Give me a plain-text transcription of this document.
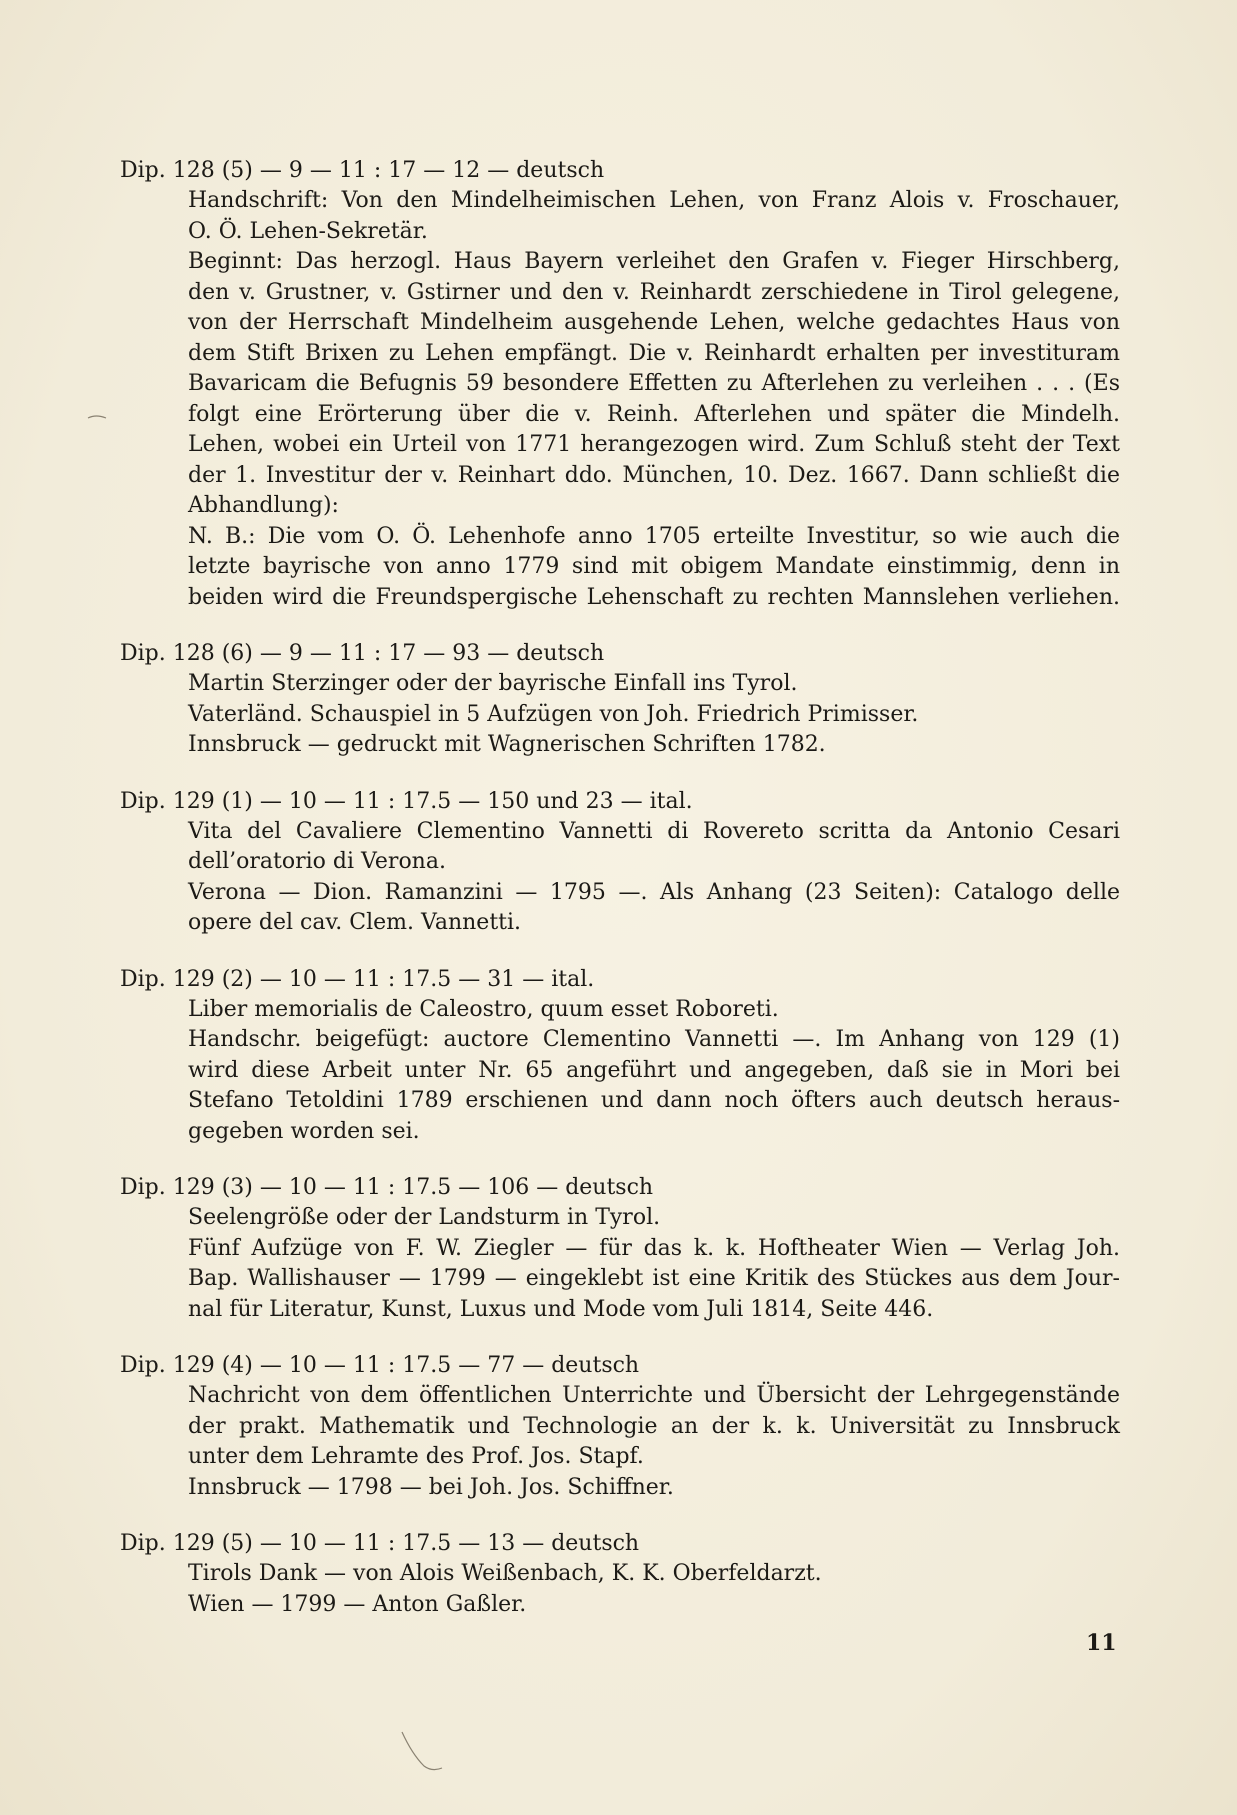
Dip. 128 (5) — 9 — 11 : 17 — 12 — deutsch
Handschrift: Von den Mindelheimischen Lehen, von Franz Alois v. Froschauer,
O. Ö. Lehen-Sekretär.
Beginnt: Das herzogl. Haus Bayern verleihet den Grafen v. Fieger Hirschberg,
den v. Grustner, v. Gstirner und den v. Reinhardt zerschiedene in Tirol gelegene,
von der Herrschaft Mindelheim ausgehende Lehen, welche gedachtes Haus von
dem Stift Brixen zu Lehen empfängt. Die v. Reinhardt erhalten per investituram
Bavaricam die Befugnis 59 besondere Effetten zu Afterlehen zu verleihen . . . (Es
folgt eine Erörterung über die v. Reinh. Afterlehen und später die Mindelh.
Lehen, wobei ein Urteil von 1771 herangezogen wird. Zum Schluß steht der Text
der 1. Investitur der v. Reinhart ddo. München, 10. Dez. 1667. Dann schließt die
Abhandlung):
N. B.: Die vom O. Ö. Lehenhofe anno 1705 erteilte Investitur, so wie auch die
letzte bayrische von anno 1779 sind mit obigem Mandate einstimmig, denn in
beiden wird die Freundspergische Lehenschaft zu rechten Mannslehen verliehen.
Dip. 128 (6) — 9 — 11 : 17 — 93 — deutsch
Martin Sterzinger oder der bayrische Einfall ins Tyrol.
Vaterländ. Schauspiel in 5 Aufzügen von Joh. Friedrich Primisser.
Innsbruck — gedruckt mit Wagnerischen Schriften 1782.
Dip. 129 (1) — 10 — 11 : 17.5 — 150 und 23 — ital.
Vita del Cavaliere Clementino Vannetti di Rovereto scritta da Antonio Cesari
dell’oratorio di Verona.
Verona — Dion. Ramanzini — 1795 —. Als Anhang (23 Seiten): Catalogo delle
opere del cav. Clem. Vannetti.
Dip. 129 (2) — 10 — 11 : 17.5 — 31 — ital.
Liber memorialis de Caleostro, quum esset Roboreti.
Handschr. beigefügt: auctore Clementino Vannetti —. Im Anhang von 129 (1)
wird diese Arbeit unter Nr. 65 angeführt und angegeben, daß sie in Mori bei
Stefano Tetoldini 1789 erschienen und dann noch öfters auch deutsch heraus-
gegeben worden sei.
Dip. 129 (3) — 10 — 11 : 17.5 — 106 — deutsch
Seelengröße oder der Landsturm in Tyrol.
Fünf Aufzüge von F. W. Ziegler — für das k. k. Hoftheater Wien — Verlag Joh.
Bap. Wallishauser — 1799 — eingeklebt ist eine Kritik des Stückes aus dem Jour-
nal für Literatur, Kunst, Luxus und Mode vom Juli 1814, Seite 446.
Dip. 129 (4) — 10 — 11 : 17.5 — 77 — deutsch
Nachricht von dem öffentlichen Unterrichte und Übersicht der Lehrgegenstände
der prakt. Mathematik und Technologie an der k. k. Universität zu Innsbruck
unter dem Lehramte des Prof. Jos. Stapf.
Innsbruck — 1798 — bei Joh. Jos. Schiffner.
Dip. 129 (5) — 10 — 11 : 17.5 — 13 — deutsch
Tirols Dank — von Alois Weißenbach, K. K. Oberfeldarzt.
Wien — 1799 — Anton Gaßler.
11
